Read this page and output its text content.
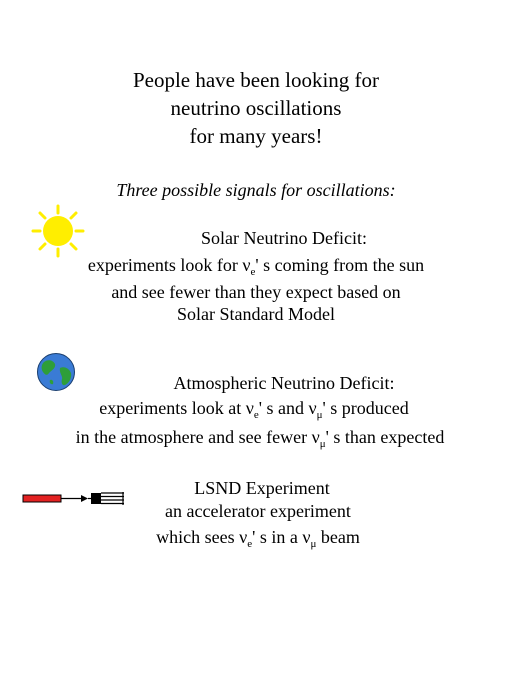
People have been looking for
neutrino oscillations
for many years!
Three possible signals for oscillations:
Solar Neutrino Deficit:
experiments look for $\nu_e'$ s coming from the sun
and see fewer than they expect based on
Solar Standard Model
Atmospheric Neutrino Deficit:
experiments look at $\nu_e'$ s and $\nu_\mu'$ s produced
in the atmosphere and see fewer $\nu_\mu'$ s than expected
LSND Experiment
an accelerator experiment
which sees $\nu_e'$ s in a $\nu_\mu$ beam
